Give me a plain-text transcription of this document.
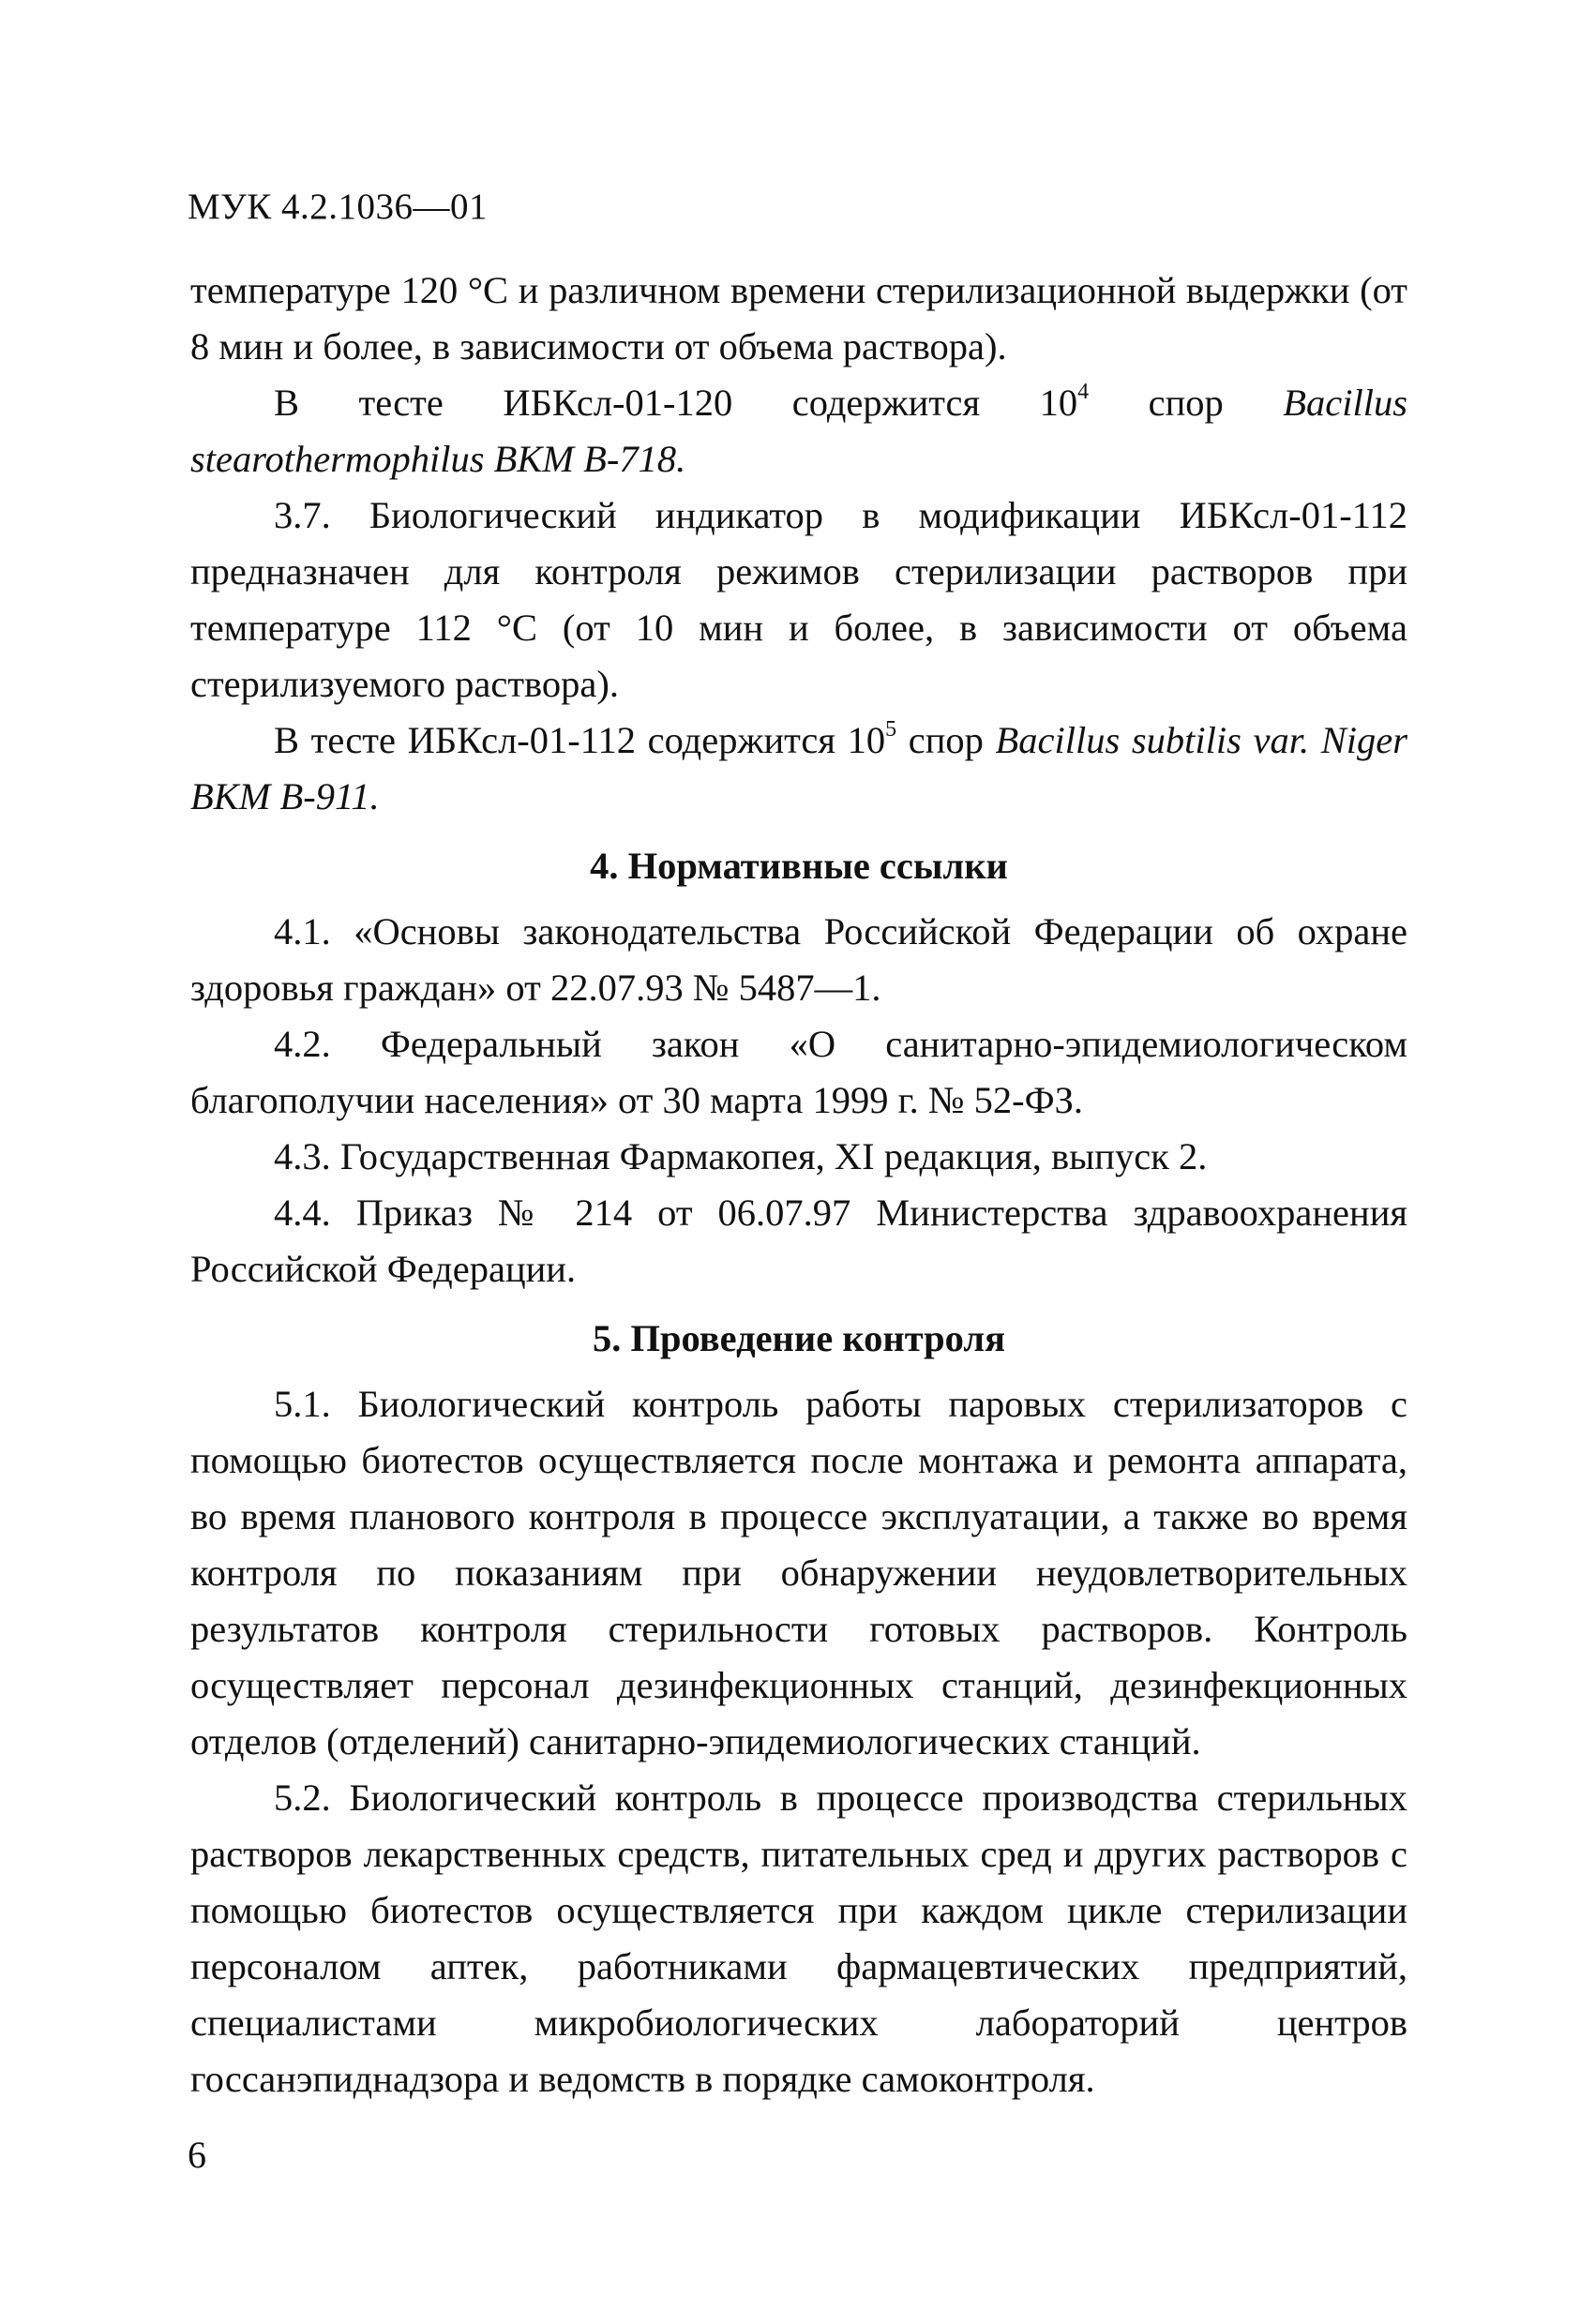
МУК 4.2.1036—01

температуре 120 °С и различном времени стерилизационной выдержки (от 8 мин и более, в зависимости от объема раствора).

В тесте ИБКсл-01-120 содержится $10^4$ спор Bacillus stearothermophilus ВКМ В-718.

3.7. Биологический индикатор в модификации ИБКсл-01-112 предназначен для контроля режимов стерилизации растворов при температуре 112 °С (от 10 мин и более, в зависимости от объема стерилизуемого раствора).

В тесте ИБКсл-01-112 содержится $10^5$ спор Bacillus subtilis var. Niger ВКМ В-911.

4. Нормативные ссылки

4.1. «Основы законодательства Российской Федерации об охране здоровья граждан» от 22.07.93 № 5487—1.

4.2. Федеральный закон «О санитарно-эпидемиологическом благополучии населения» от 30 марта 1999 г. № 52-ФЗ.

4.3. Государственная Фармакопея, XI редакция, выпуск 2.

4.4. Приказ № 214 от 06.07.97 Министерства здравоохранения Российской Федерации.

5. Проведение контроля

5.1. Биологический контроль работы паровых стерилизаторов с помощью биотестов осуществляется после монтажа и ремонта аппарата, во время планового контроля в процессе эксплуатации, а также во время контроля по показаниям при обнаружении неудовлетворительных результатов контроля стерильности готовых растворов. Контроль осуществляет персонал дезинфекционных станций, дезинфекционных отделов (отделений) санитарно-эпидемиологических станций.

5.2. Биологический контроль в процессе производства стерильных растворов лекарственных средств, питательных сред и других растворов с помощью биотестов осуществляется при каждом цикле стерилизации персоналом аптек, работниками фармацевтических предприятий, специалистами микробиологических лабораторий центров госсанэпиднадзора и ведомств в порядке самоконтроля.

6
